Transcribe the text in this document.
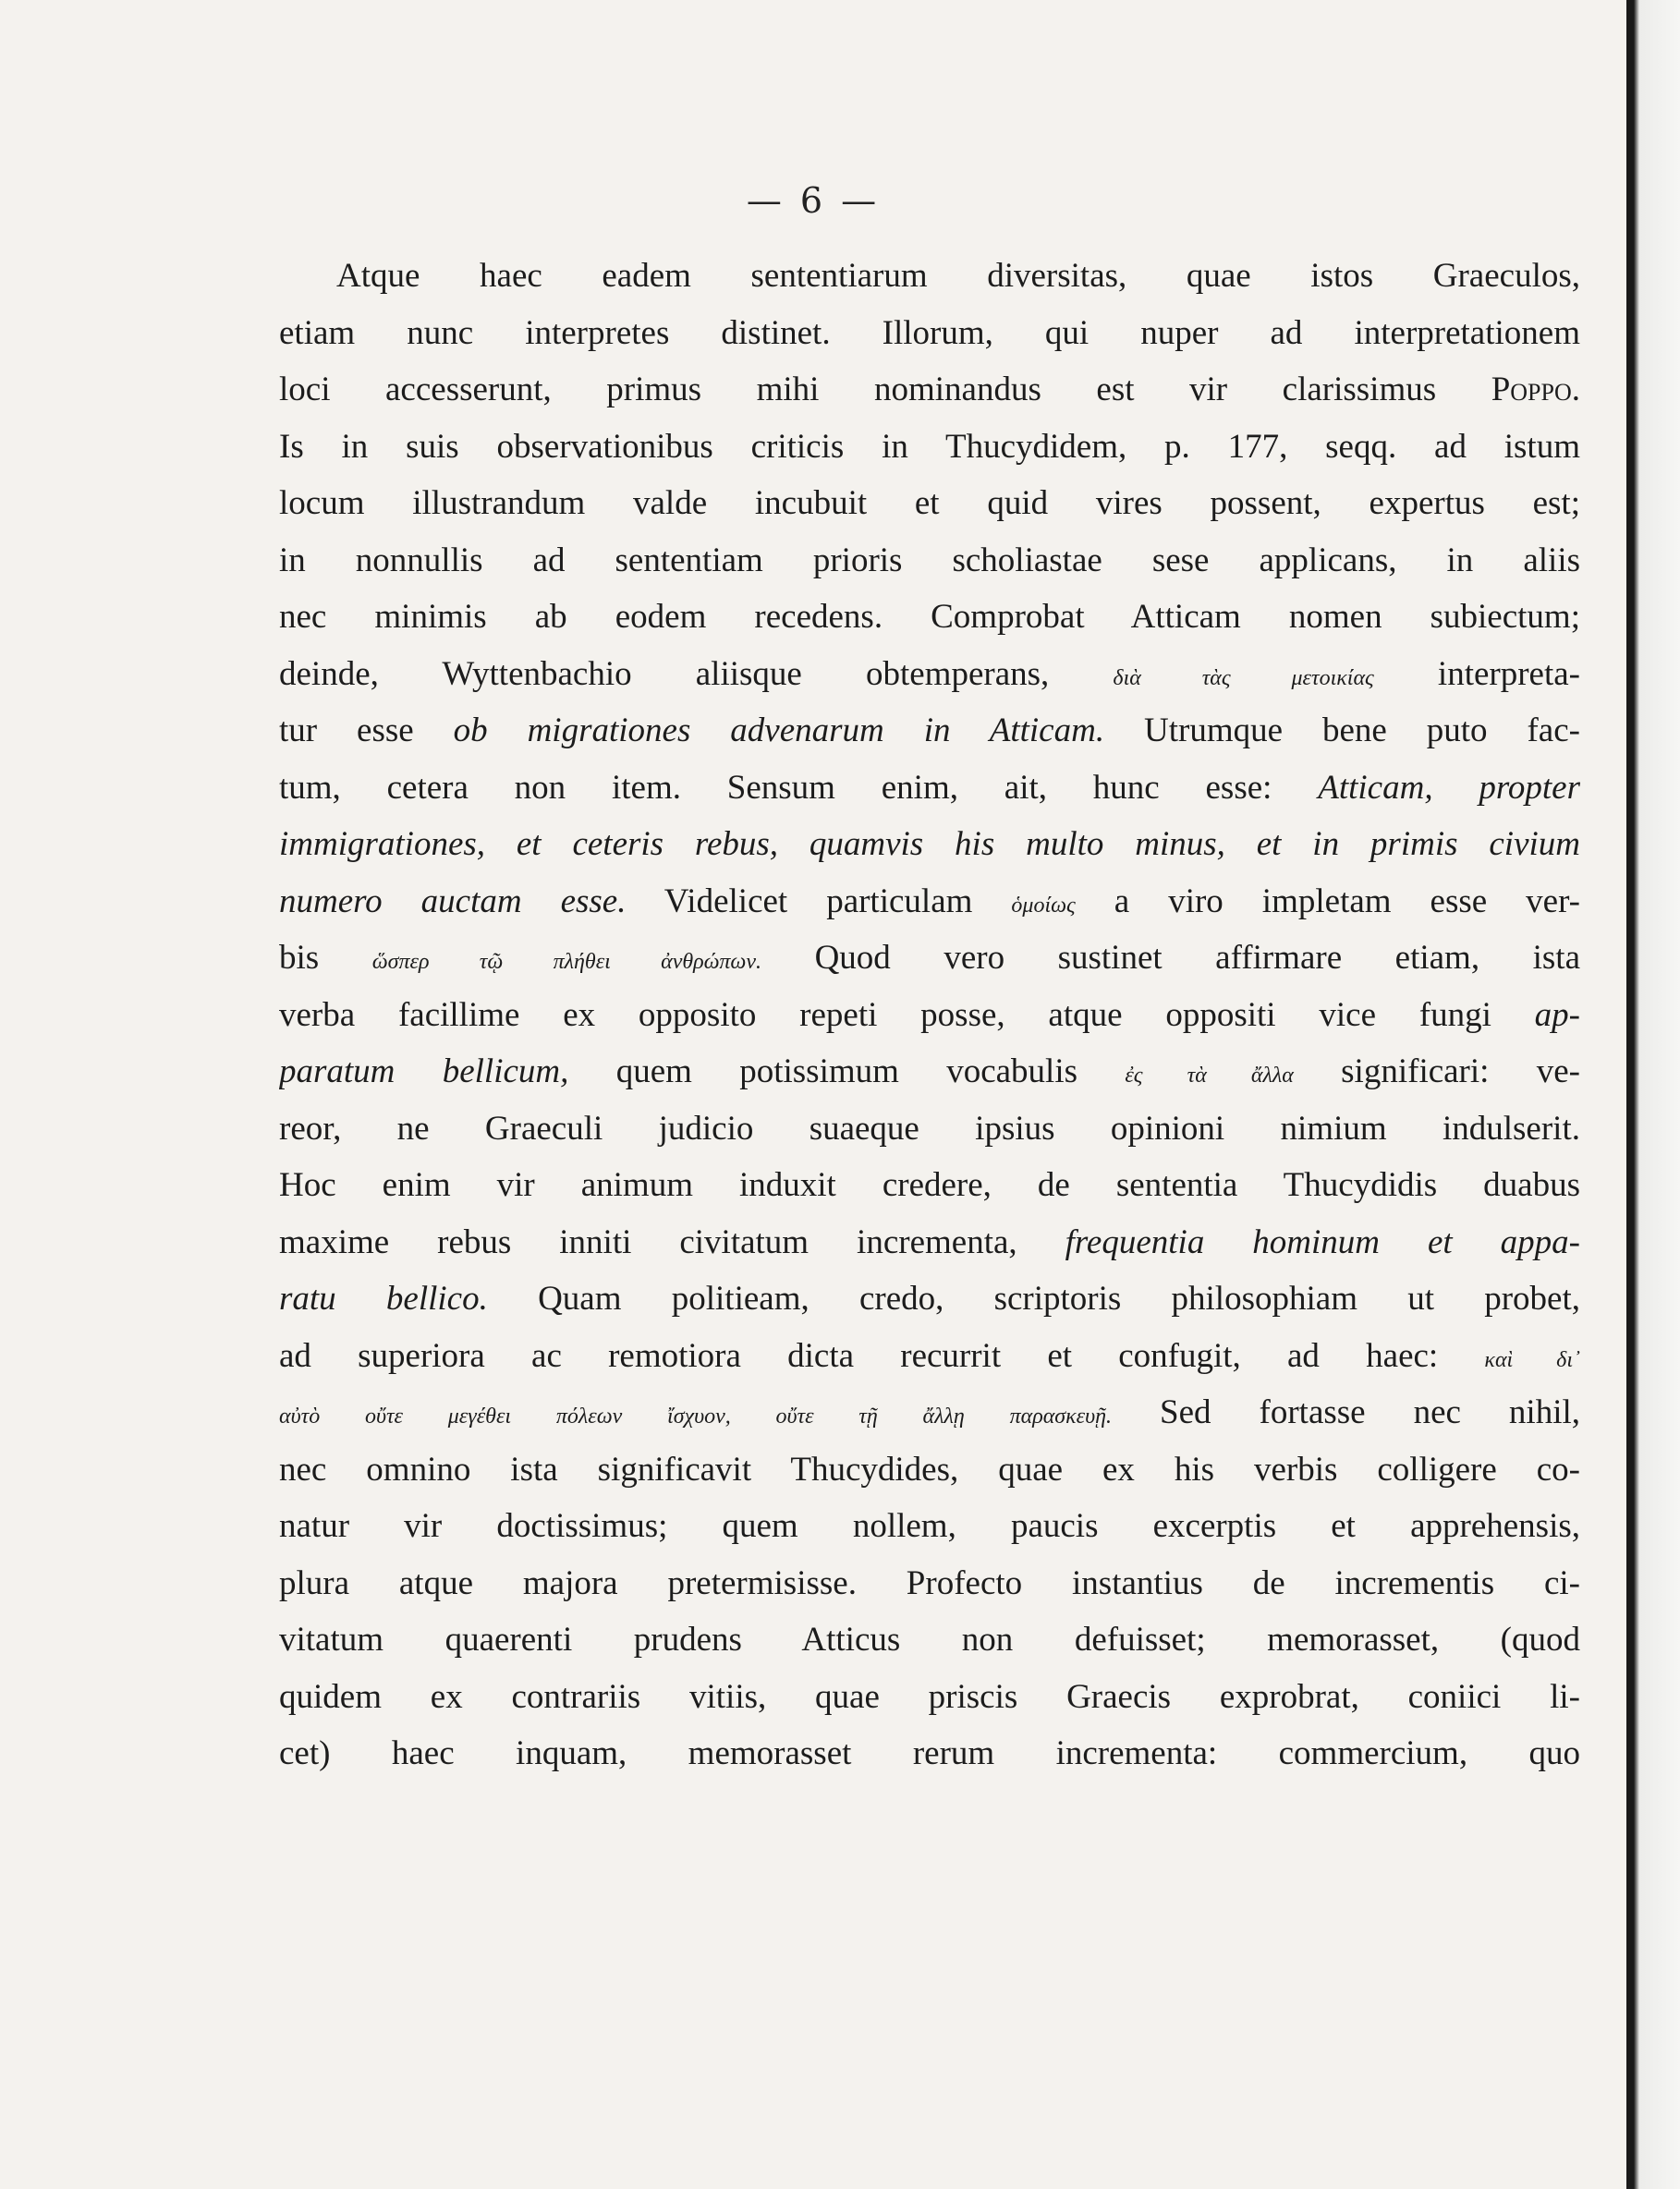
— 6 —
Atque haec eadem sententiarum diversitas, quae istos Graeculos,
etiam nunc interpretes distinet. Illorum, qui nuper ad interpretationem
loci accesserunt, primus mihi nominandus est vir clarissimus Poppo.
Is in suis observationibus criticis in Thucydidem, p. 177, seqq. ad istum
locum illustrandum valde incubuit et quid vires possent, expertus est;
in nonnullis ad sententiam prioris scholiastae sese applicans, in aliis
nec minimis ab eodem recedens. Comprobat Atticam nomen subiectum;
deinde, Wyttenbachio aliisque obtemperans, διὰ τὰς μετοικίας interpreta-
tur esse ob migrationes advenarum in Atticam. Utrumque bene puto fac-
tum, cetera non item. Sensum enim, ait, hunc esse: Atticam, propter
immigrationes, et ceteris rebus, quamvis his multo minus, et in primis civium
numero auctam esse. Videlicet particulam ὁμοίως a viro impletam esse ver-
bis ὥσπερ τῷ πλήθει ἀνθρώπων. Quod vero sustinet affirmare etiam, ista
verba facillime ex opposito repeti posse, atque oppositi vice fungi ap-
paratum bellicum, quem potissimum vocabulis ἐς τὰ ἄλλα significari: ve-
reor, ne Graeculi judicio suaeque ipsius opinioni nimium indulserit.
Hoc enim vir animum induxit credere, de sententia Thucydidis duabus
maxime rebus inniti civitatum incrementa, frequentia hominum et appa-
ratu bellico. Quam politieam, credo, scriptoris philosophiam ut probet,
ad superiora ac remotiora dicta recurrit et confugit, ad haec: καὶ δι᾽
αὐτὸ οὔτε μεγέθει πόλεων ἴσχυον, οὔτε τῇ ἄλλῃ παρασκευῇ. Sed fortasse nec nihil,
nec omnino ista significavit Thucydides, quae ex his verbis colligere co-
natur vir doctissimus; quem nollem, paucis excerptis et apprehensis,
plura atque majora pretermisisse. Profecto instantius de incrementis ci-
vitatum quaerenti prudens Atticus non defuisset; memorasset, (quod
quidem ex contrariis vitiis, quae priscis Graecis exprobrat, coniici li-
cet) haec inquam, memorasset rerum incrementa: commercium, quo
